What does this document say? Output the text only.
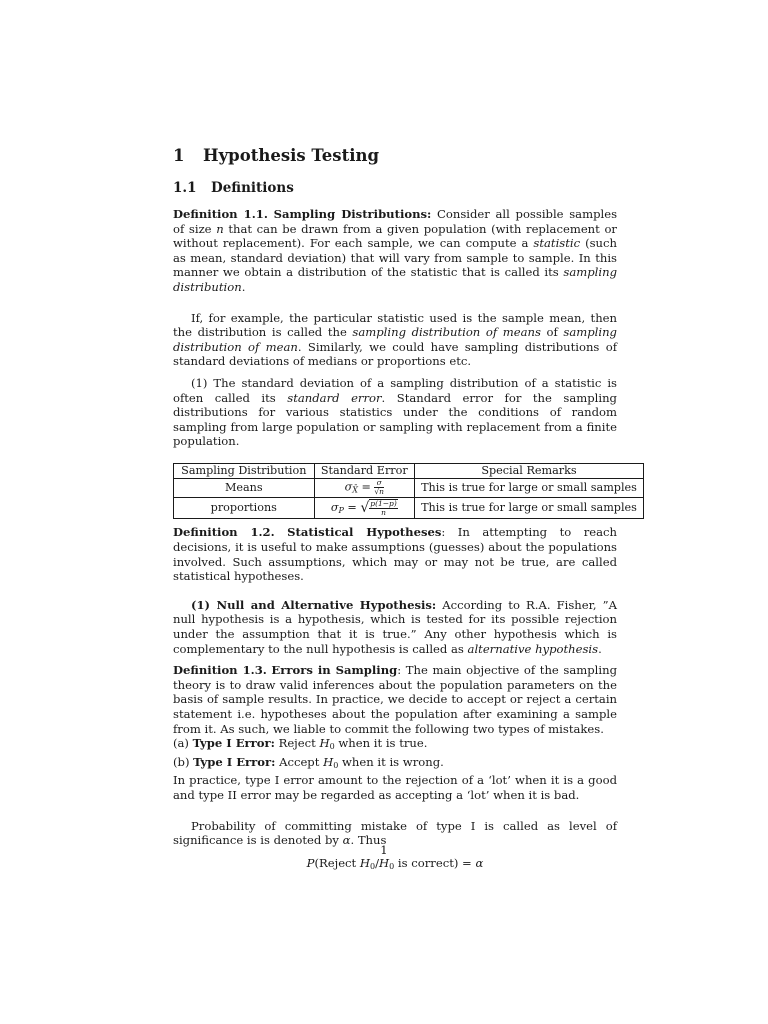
1 Hypothesis Testing
1.1 Definitions

Definition 1.1. Sampling Distributions: Consider all possible samples of size n that can be drawn from a given population (with replacement or without replacement). For each sample, we can compute a statistic (such as mean, standard deviation) that will vary from sample to sample. In this manner we obtain a distribution of the statistic that is called its sampling distribution.

If, for example, the particular statistic used is the sample mean, then the distribution is called the sampling distribution of means of sampling distribution of mean. Similarly, we could have sampling distributions of standard deviations of medians or proportions etc.

(1) The standard deviation of a sampling distribution of a statistic is often called its standard error. Standard error for the sampling distributions for various statistics under the conditions of random sampling from large population or sampling with replacement from a finite population.

Sampling Distribution	Standard Error	Special Remarks
Means	$\sigma_{X̄} = \frac{\sigma}{√n}$	This is true for large or small samples
proportions	$\sigma_P$ = √ $\frac{p(1-p)}{n}$	This is true for large or small samples

Definition 1.2. Statistical Hypotheses: In attempting to reach decisions, it is useful to make assumptions (guesses) about the populations involved. Such assumptions, which may or may not be true, are called statistical hypotheses.

(1) Null and Alternative Hypothesis: According to R.A. Fisher, ”A null hypothesis is a hypothesis, which is tested for its possible rejection under the assumption that it is true.” Any other hypothesis which is complementary to the null hypothesis is called as alternative hypothesis.

Definition 1.3. Errors in Sampling: The main objective of the sampling theory is to draw valid inferences about the population parameters on the basis of sample results. In practice, we decide to accept or reject a certain statement i.e. hypotheses about the population after examining a sample from it. As such, we liable to commit the following two types of mistakes.

(a) Type I Error: Reject $H_0$ when it is true.

(b) Type I Error: Accept $H_0$ when it is wrong.

In practice, type I error amount to the rejection of a ‘lot’ when it is a good and type II error may be regarded as accepting a ‘lot’ when it is bad.

Probability of committing mistake of type I is called as level of significance is is denoted by α. Thus

P(Reject $H_0/H_0$ is correct) = α

1
